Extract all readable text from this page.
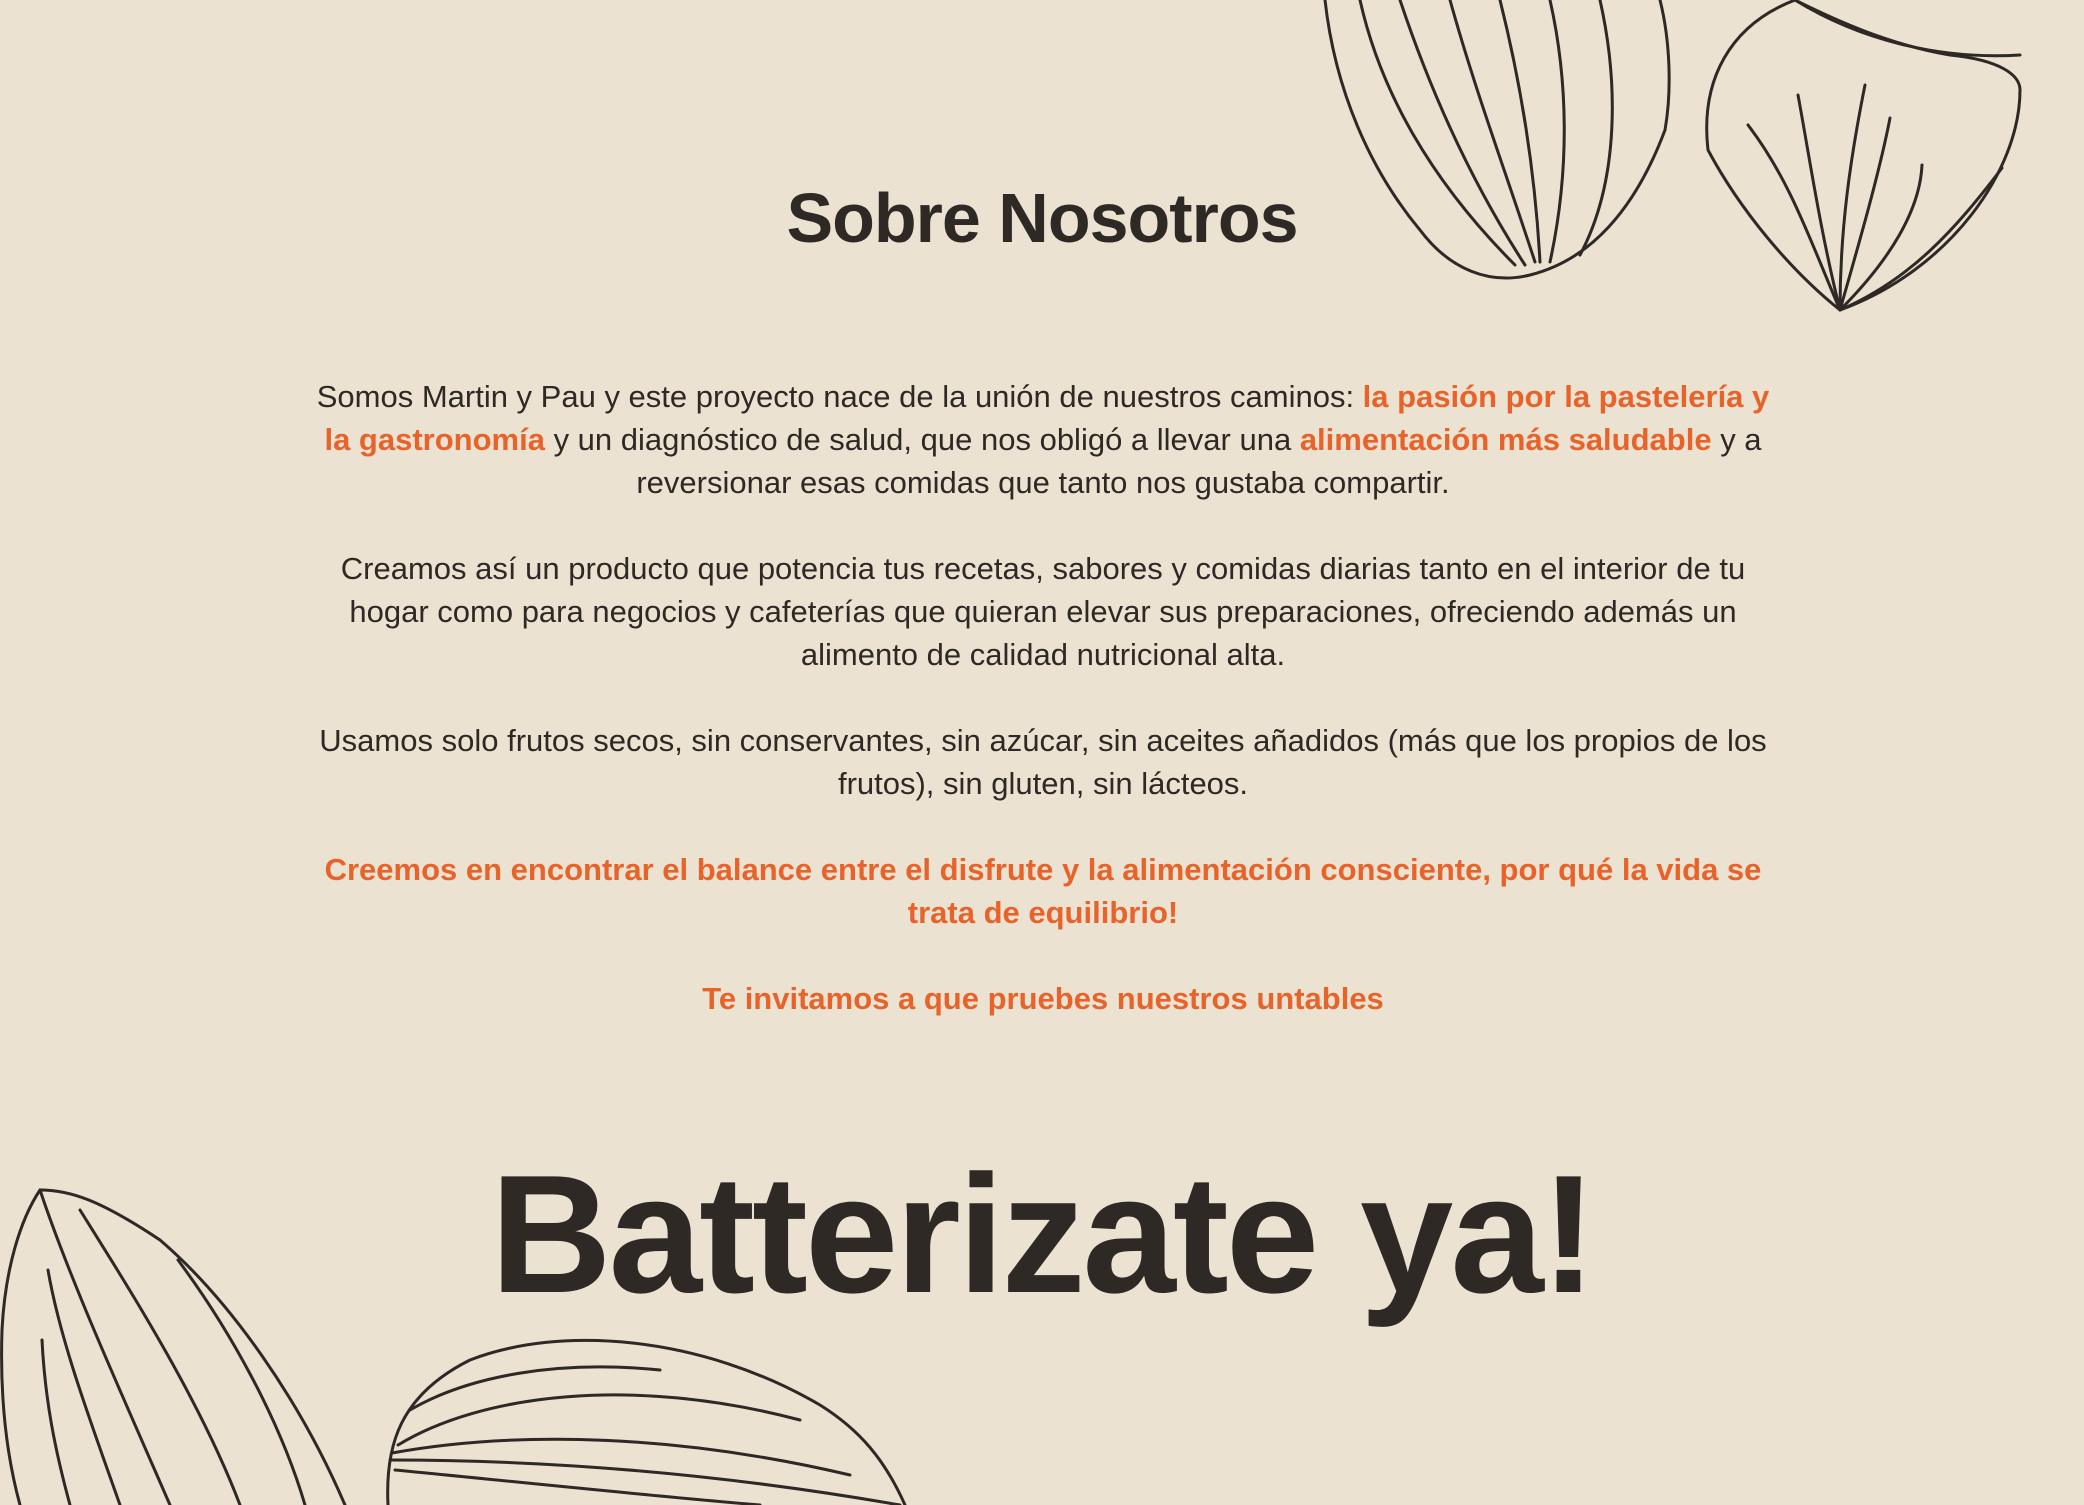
Sobre Nosotros

Somos Martin y Pau y este proyecto nace de la unión de nuestros caminos: la pasión por la pastelería y la gastronomía y un diagnóstico de salud, que nos obligó a llevar una alimentación más saludable y a reversionar esas comidas que tanto nos gustaba compartir.

Creamos así un producto que potencia tus recetas, sabores y comidas diarias tanto en el interior de tu hogar como para negocios y cafeterías que quieran elevar sus preparaciones, ofreciendo además un alimento de calidad nutricional alta.

Usamos solo frutos secos, sin conservantes, sin azúcar, sin aceites añadidos (más que los propios de los frutos), sin gluten, sin lácteos.

Creemos en encontrar el balance entre el disfrute y la alimentación consciente, por qué la vida se trata de equilibrio!

Te invitamos a que pruebes nuestros untables

Batterizate ya!
